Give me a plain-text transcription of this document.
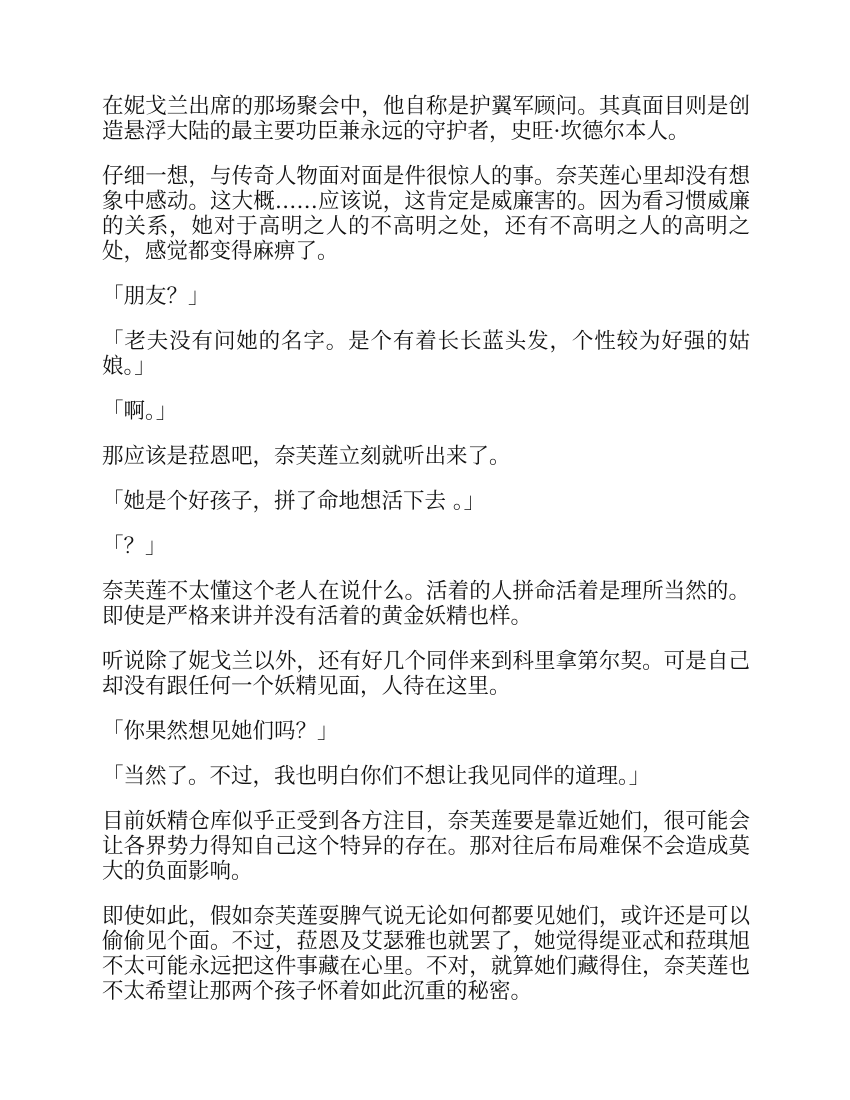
在妮戈兰出席的那场聚会中，他自称是护翼军顾问。其真面目则是创造悬浮大陆的最主要功臣兼永远的守护者，史旺·坎德尔本人。

仔细一想，与传奇人物面对面是件很惊人的事。奈芙莲心里却没有想象中感动。这大概……应该说，这肯定是威廉害的。因为看习惯威廉的关系，她对于高明之人的不高明之处，还有不高明之人的高明之处，感觉都变得麻痹了。

「朋友？」

「老夫没有问她的名字。是个有着长长蓝头发，个性较为好强的姑娘。」

「啊。」

那应该是菈恩吧，奈芙莲立刻就听出来了。

「她是个好孩子，拼了命地想活下去 。」

「？」

奈芙莲不太懂这个老人在说什么。活着的人拼命活着是理所当然的。即使是严格来讲并没有活着的黄金妖精也样。

听说除了妮戈兰以外，还有好几个同伴来到科里拿第尔契。可是自己却没有跟任何一个妖精见面，人待在这里。

「你果然想见她们吗？」

「当然了。不过，我也明白你们不想让我见同伴的道理。」

目前妖精仓库似乎正受到各方注目，奈芙莲要是靠近她们，很可能会让各界势力得知自己这个特异的存在。那对往后布局难保不会造成莫大的负面影响。

即使如此，假如奈芙莲耍脾气说无论如何都要见她们，或许还是可以偷偷见个面。不过，菈恩及艾瑟雅也就罢了，她觉得缇亚忒和菈琪旭不太可能永远把这件事藏在心里。不对，就算她们藏得住，奈芙莲也不太希望让那两个孩子怀着如此沉重的秘密。
